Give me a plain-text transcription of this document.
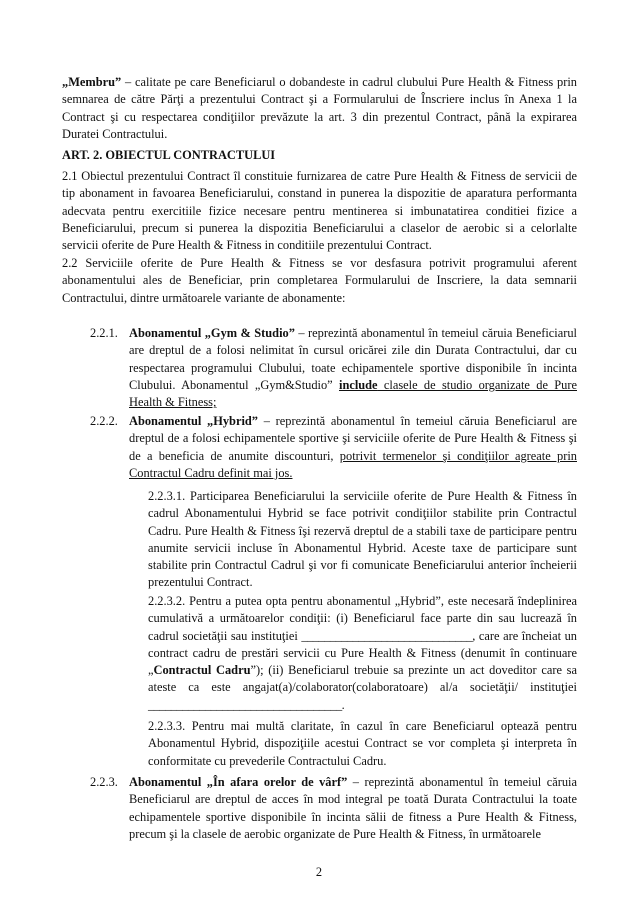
„Membru” – calitate pe care Beneficiarul o dobandeste in cadrul clubului Pure Health & Fitness prin semnarea de către Părţi a prezentului Contract şi a Formularului de Înscriere inclus în Anexa 1 la Contract şi cu respectarea condiţiilor prevăzute la art. 3 din prezentul Contract, până la expirarea Duratei Contractului.

ART. 2. OBIECTUL CONTRACTULUI

2.1 Obiectul prezentului Contract îl constituie furnizarea de catre Pure Health & Fitness de servicii de tip abonament in favoarea Beneficiarului, constand in punerea la dispozitie de aparatura performanta adecvata pentru exercitiile fizice necesare pentru mentinerea si imbunatatirea conditiei fizice a Beneficiarului, precum si punerea la dispozitia Beneficiarului a claselor de aerobic si a celorlalte servicii oferite de Pure Health & Fitness in conditiile prezentului Contract.

2.2 Serviciile oferite de Pure Health & Fitness se vor desfasura potrivit programului aferent abonamentului ales de Beneficiar, prin completarea Formularului de Inscriere, la data semnarii Contractului, dintre următoarele variante de abonamente:

2.2.1. Abonamentul „Gym & Studio” – reprezintă abonamentul în temeiul căruia Beneficiarul are dreptul de a folosi nelimitat în cursul oricărei zile din Durata Contractului, dar cu respectarea programului Clubului, toate echipamentele sportive disponibile în incinta Clubului. Abonamentul „Gym&Studio” include clasele de studio organizate de Pure Health & Fitness;

2.2.2. Abonamentul „Hybrid” – reprezintă abonamentul în temeiul căruia Beneficiarul are dreptul de a folosi echipamentele sportive şi serviciile oferite de Pure Health & Fitness şi de a beneficia de anumite discounturi, potrivit termenelor şi condiţiilor agreate prin Contractul Cadru definit mai jos.

2.2.3.1. Participarea Beneficiarului la serviciile oferite de Pure Health & Fitness în cadrul Abonamentului Hybrid se face potrivit condiţiilor stabilite prin Contractul Cadru. Pure Health & Fitness îşi rezervă dreptul de a stabili taxe de participare pentru anumite servicii incluse în Abonamentul Hybrid. Aceste taxe de participare sunt stabilite prin Contractul Cadrul şi vor fi comunicate Beneficiarului anterior încheierii prezentului Contract.

2.2.3.2. Pentru a putea opta pentru abonamentul „Hybrid”, este necesară îndeplinirea cumulativă a următoarelor condiţii: (i) Beneficiarul face parte din sau lucrează în cadrul societăţii sau instituţiei ______________________________, care are încheiat un contract cadru de prestări servicii cu Pure Health & Fitness (denumit în continuare „Contractul Cadru”); (ii) Beneficiarul trebuie sa prezinte un act doveditor care sa ateste ca este angajat(a)/colaborator(colaboratoare) al/a societăţii/ instituţiei __________________________________.

2.2.3.3. Pentru mai multă claritate, în cazul în care Beneficiarul optează pentru Abonamentul Hybrid, dispoziţiile acestui Contract se vor completa şi interpreta în conformitate cu prevederile Contractului Cadru.

2.2.3. Abonamentul „În afara orelor de vârf” – reprezintă abonamentul în temeiul căruia Beneficiarul are dreptul de acces în mod integral pe toată Durata Contractului la toate echipamentele sportive disponibile în incinta sălii de fitness a Pure Health & Fitness, precum şi la clasele de aerobic organizate de Pure Health & Fitness, în următoarele

2
